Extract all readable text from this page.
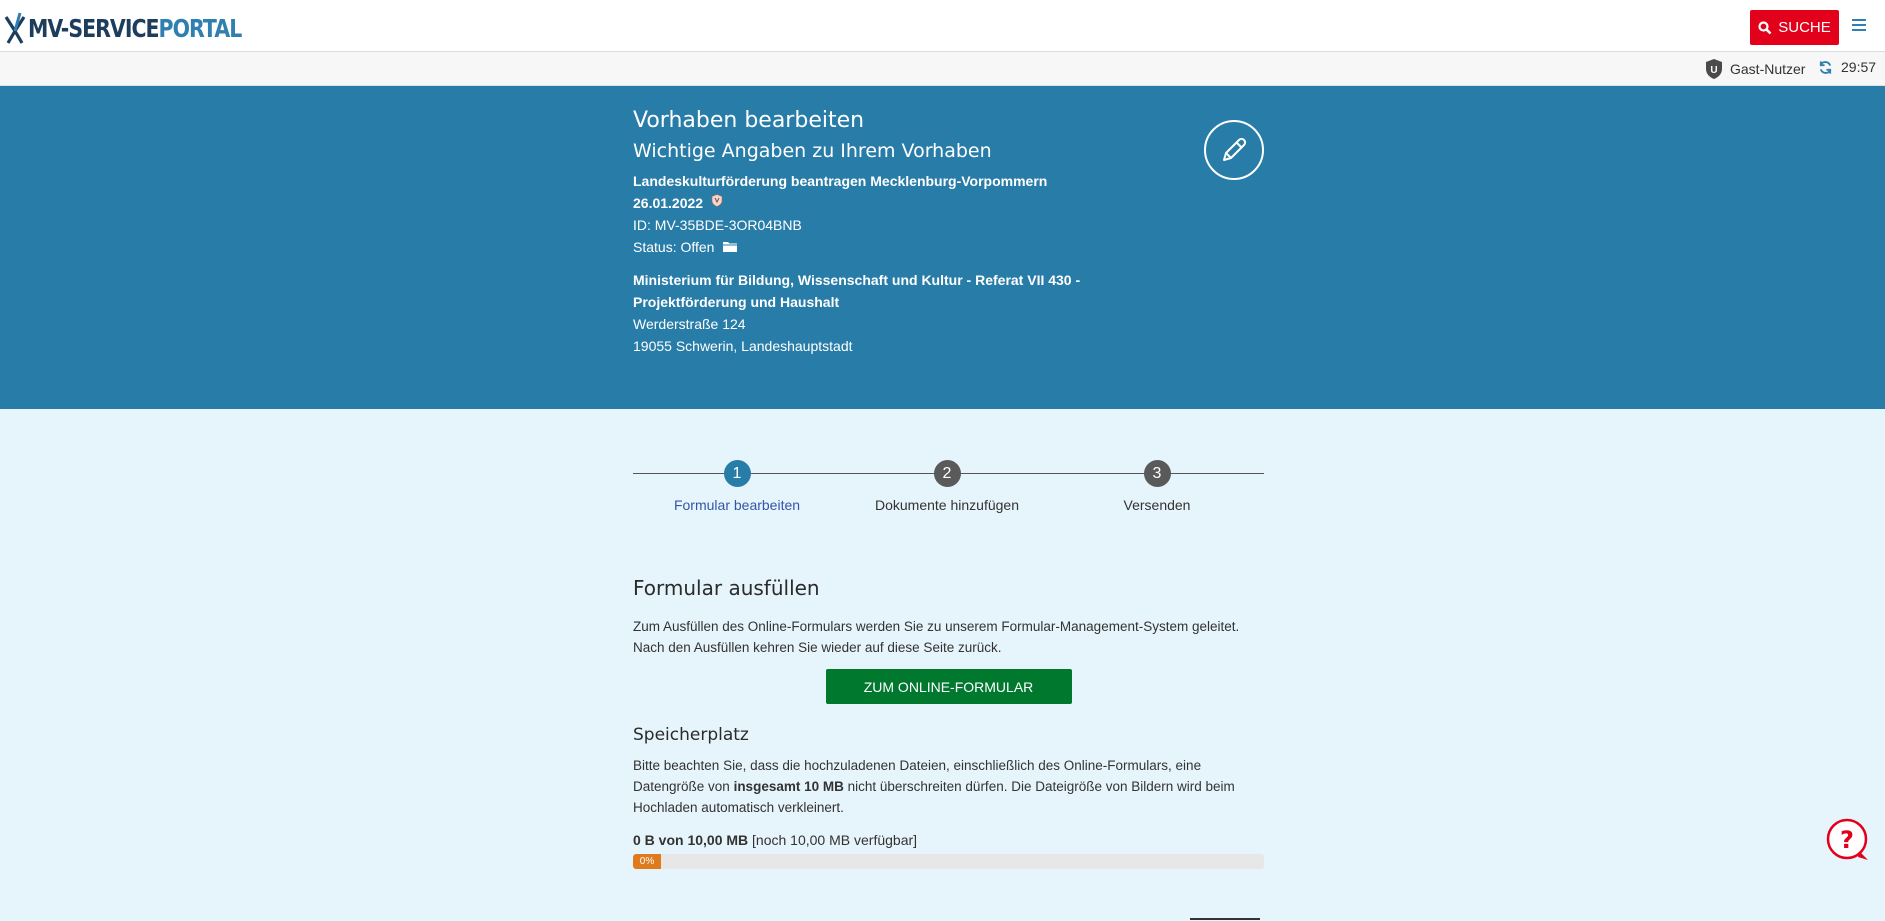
MV-SERVICEPORTAL	SUCHE
U Gast-Nutzer	29:57
Vorhaben bearbeiten
Wichtige Angaben zu Ihrem Vorhaben
Landeskulturförderung beantragen Mecklenburg-Vorpommern
26.01.2022
ID: MV-35BDE-3OR04BNB
Status: Offen
Ministerium für Bildung, Wissenschaft und Kultur - Referat VII 430 -
Projektförderung und Haushalt
Werderstraße 124
19055 Schwerin, Landeshauptstadt
1
Formular bearbeiten
2
Dokumente hinzufügen
3
Versenden
Formular ausfüllen
Zum Ausfüllen des Online-Formulars werden Sie zu unserem Formular-Management-System geleitet.
Nach den Ausfüllen kehren Sie wieder auf diese Seite zurück.
ZUM ONLINE-FORMULAR
Speicherplatz
Bitte beachten Sie, dass die hochzuladenen Dateien, einschließlich des Online-Formulars, eine Datengröße von insgesamt 10 MB nicht überschreiten dürfen. Die Dateigröße von Bildern wird beim Hochladen automatisch verkleinert.
0 B von 10,00 MB [noch 10,00 MB verfügbar]
0%
?
